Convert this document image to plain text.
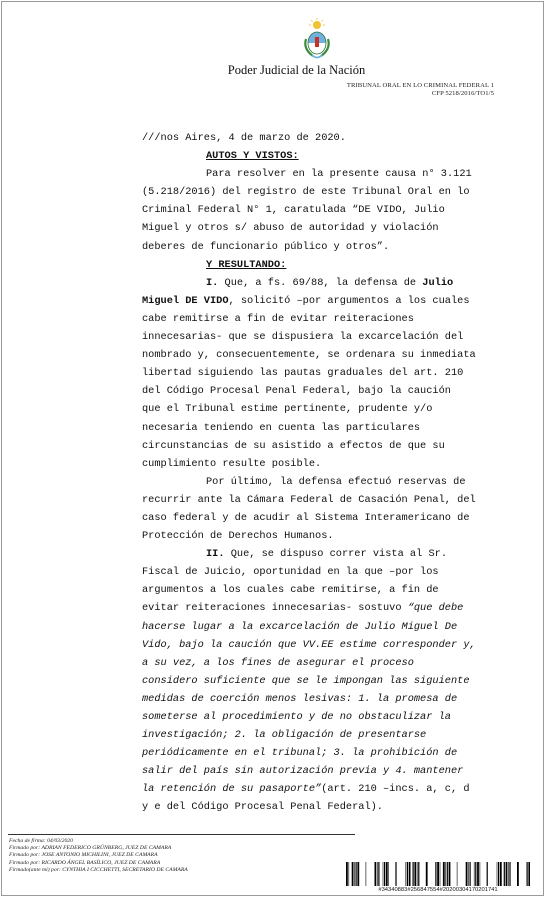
Poder Judicial de la Nación
TRIBUNAL ORAL EN LO CRIMINAL FEDERAL 1
CFP 5218/2016/TO1/5
///nos Aires, 4 de marzo de 2020.
AUTOS Y VISTOS:
Para resolver en la presente causa n° 3.121
(5.218/2016) del registro de este Tribunal Oral en lo
Criminal Federal N° 1, caratulada “DE VIDO, Julio
Miguel y otros s/ abuso de autoridad y violación
deberes de funcionario público y otros”.
Y RESULTANDO:
I. Que, a fs. 69/88, la defensa de Julio
Miguel DE VIDO, solicitó –por argumentos a los cuales
cabe remitirse a fin de evitar reiteraciones
innecesarias- que se dispusiera la excarcelación del
nombrado y, consecuentemente, se ordenara su inmediata
libertad siguiendo las pautas graduales del art. 210
del Código Procesal Penal Federal, bajo la caución
que el Tribunal estime pertinente, prudente y/o
necesaria teniendo en cuenta las particulares
circunstancias de su asistido a efectos de que su
cumplimiento resulte posible.
Por último, la defensa efectuó reservas de
recurrir ante la Cámara Federal de Casación Penal, del
caso federal y de acudir al Sistema Interamericano de
Protección de Derechos Humanos.
II. Que, se dispuso correr vista al Sr.
Fiscal de Juicio, oportunidad en la que –por los
argumentos a los cuales cabe remitirse, a fin de
evitar reiteraciones innecesarias- sostuvo “que debe
hacerse lugar a la excarcelación de Julio Miguel De
Vido, bajo la caución que VV.EE estime corresponder y,
a su vez, a los fines de asegurar el proceso
considero suficiente que se le impongan las siguiente
medidas de coerción menos lesivas: 1. la promesa de
someterse al procedimiento y de no obstaculizar la
investigación; 2. la obligación de presentarse
periódicamente en el tribunal; 3. la prohibición de
salir del país sin autorización previa y 4. mantener
la retención de su pasaporte”(art. 210 –incs. a, c, d
y e del Código Procesal Penal Federal).
Fecha de firma: 04/03/2020
Firmado por: ADRIAN FEDERICO GRÜNBERG, JUEZ DE CAMARA
Firmado por: JOSE ANTONIO MICHILINI, JUEZ DE CAMARA
Firmado por: RICARDO ÁNGEL BASÍLICO, JUEZ DE CAMARA
Firmado(ante mi) por: CYNTHIA I CICCHETTI, SECRETARIO DE CAMARA
#34340883#256847554#20200304170201741
